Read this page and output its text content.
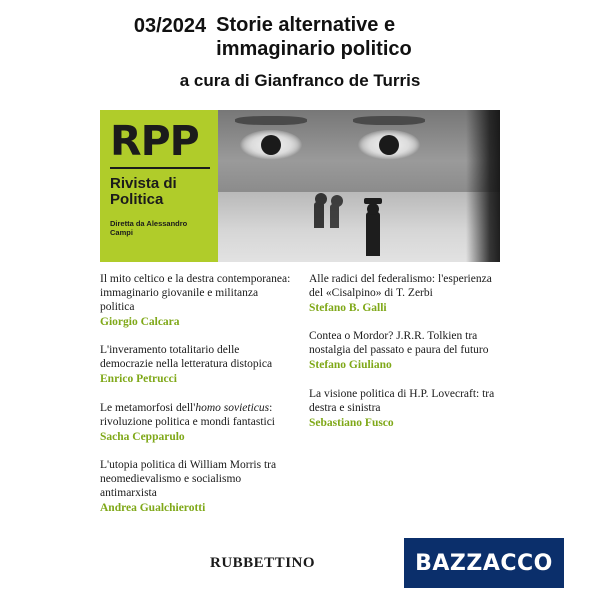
03/2024 Storie alternative e immaginario politico
a cura di Gianfranco de Turris
RPP
Rivista di Politica
Diretta da Alessandro Campi
Il mito celtico e la destra contemporanea: immaginario giovanile e militanza politica
Giorgio Calcara
L'inveramento totalitario delle democrazie nella letteratura distopica
Enrico Petrucci
Le metamorfosi dell'homo sovieticus: rivoluzione politica e mondi fantastici
Sacha Cepparulo
L'utopia politica di William Morris tra neomedievalismo e socialismo antimarxista
Andrea Gualchierotti
Alle radici del federalismo: l'esperienza del «Cisalpino» di T. Zerbi
Stefano B. Galli
Contea o Mordor? J.R.R. Tolkien tra nostalgia del passato e paura del futuro
Stefano Giuliano
La visione politica di H.P. Lovecraft: tra destra e sinistra
Sebastiano Fusco
RUBBETTINO	BAZZACCO
